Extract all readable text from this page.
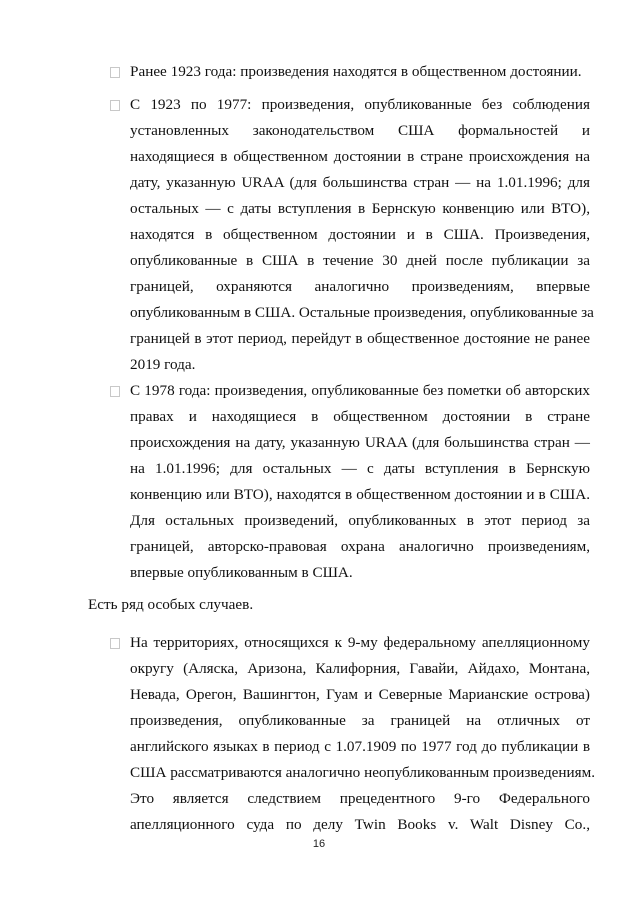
Ранее 1923 года: произведения находятся в общественном достоянии.
С 1923 по 1977: произведения, опубликованные без соблюдения
установленных законодательством США формальностей и
находящиеся в общественном достоянии в стране происхождения на
дату, указанную URAA (для большинства стран — на 1.01.1996; для
остальных — с даты вступления в Бернскую конвенцию или ВТО),
находятся в общественном достоянии и в США. Произведения,
опубликованные в США в течение 30 дней после публикации за
границей, охраняются аналогично произведениям, впервые
опубликованным в США. Остальные произведения, опубликованные за
границей в этот период, перейдут в общественное достояние не ранее
2019 года.
С 1978 года: произведения, опубликованные без пометки об авторских
правах и находящиеся в общественном достоянии в стране
происхождения на дату, указанную URAA (для большинства стран —
на 1.01.1996; для остальных — с даты вступления в Бернскую
конвенцию или ВТО), находятся в общественном достоянии и в США.
Для остальных произведений, опубликованных в этот период за
границей, авторско-правовая охрана аналогично произведениям,
впервые опубликованным в США.

Есть ряд особых случаев.

На территориях, относящихся к 9-му федеральному апелляционному
округу (Аляска, Аризона, Калифорния, Гавайи, Айдахо, Монтана,
Невада, Орегон, Вашингтон, Гуам и Северные Марианские острова)
произведения, опубликованные за границей на отличных от
английского языках в период с 1.07.1909 по 1977 год до публикации в
США рассматриваются аналогично неопубликованным произведениям.
Это является следствием прецедентного 9-го Федерального
апелляционного суда по делу Twin Books v. Walt Disney Co.,
16
